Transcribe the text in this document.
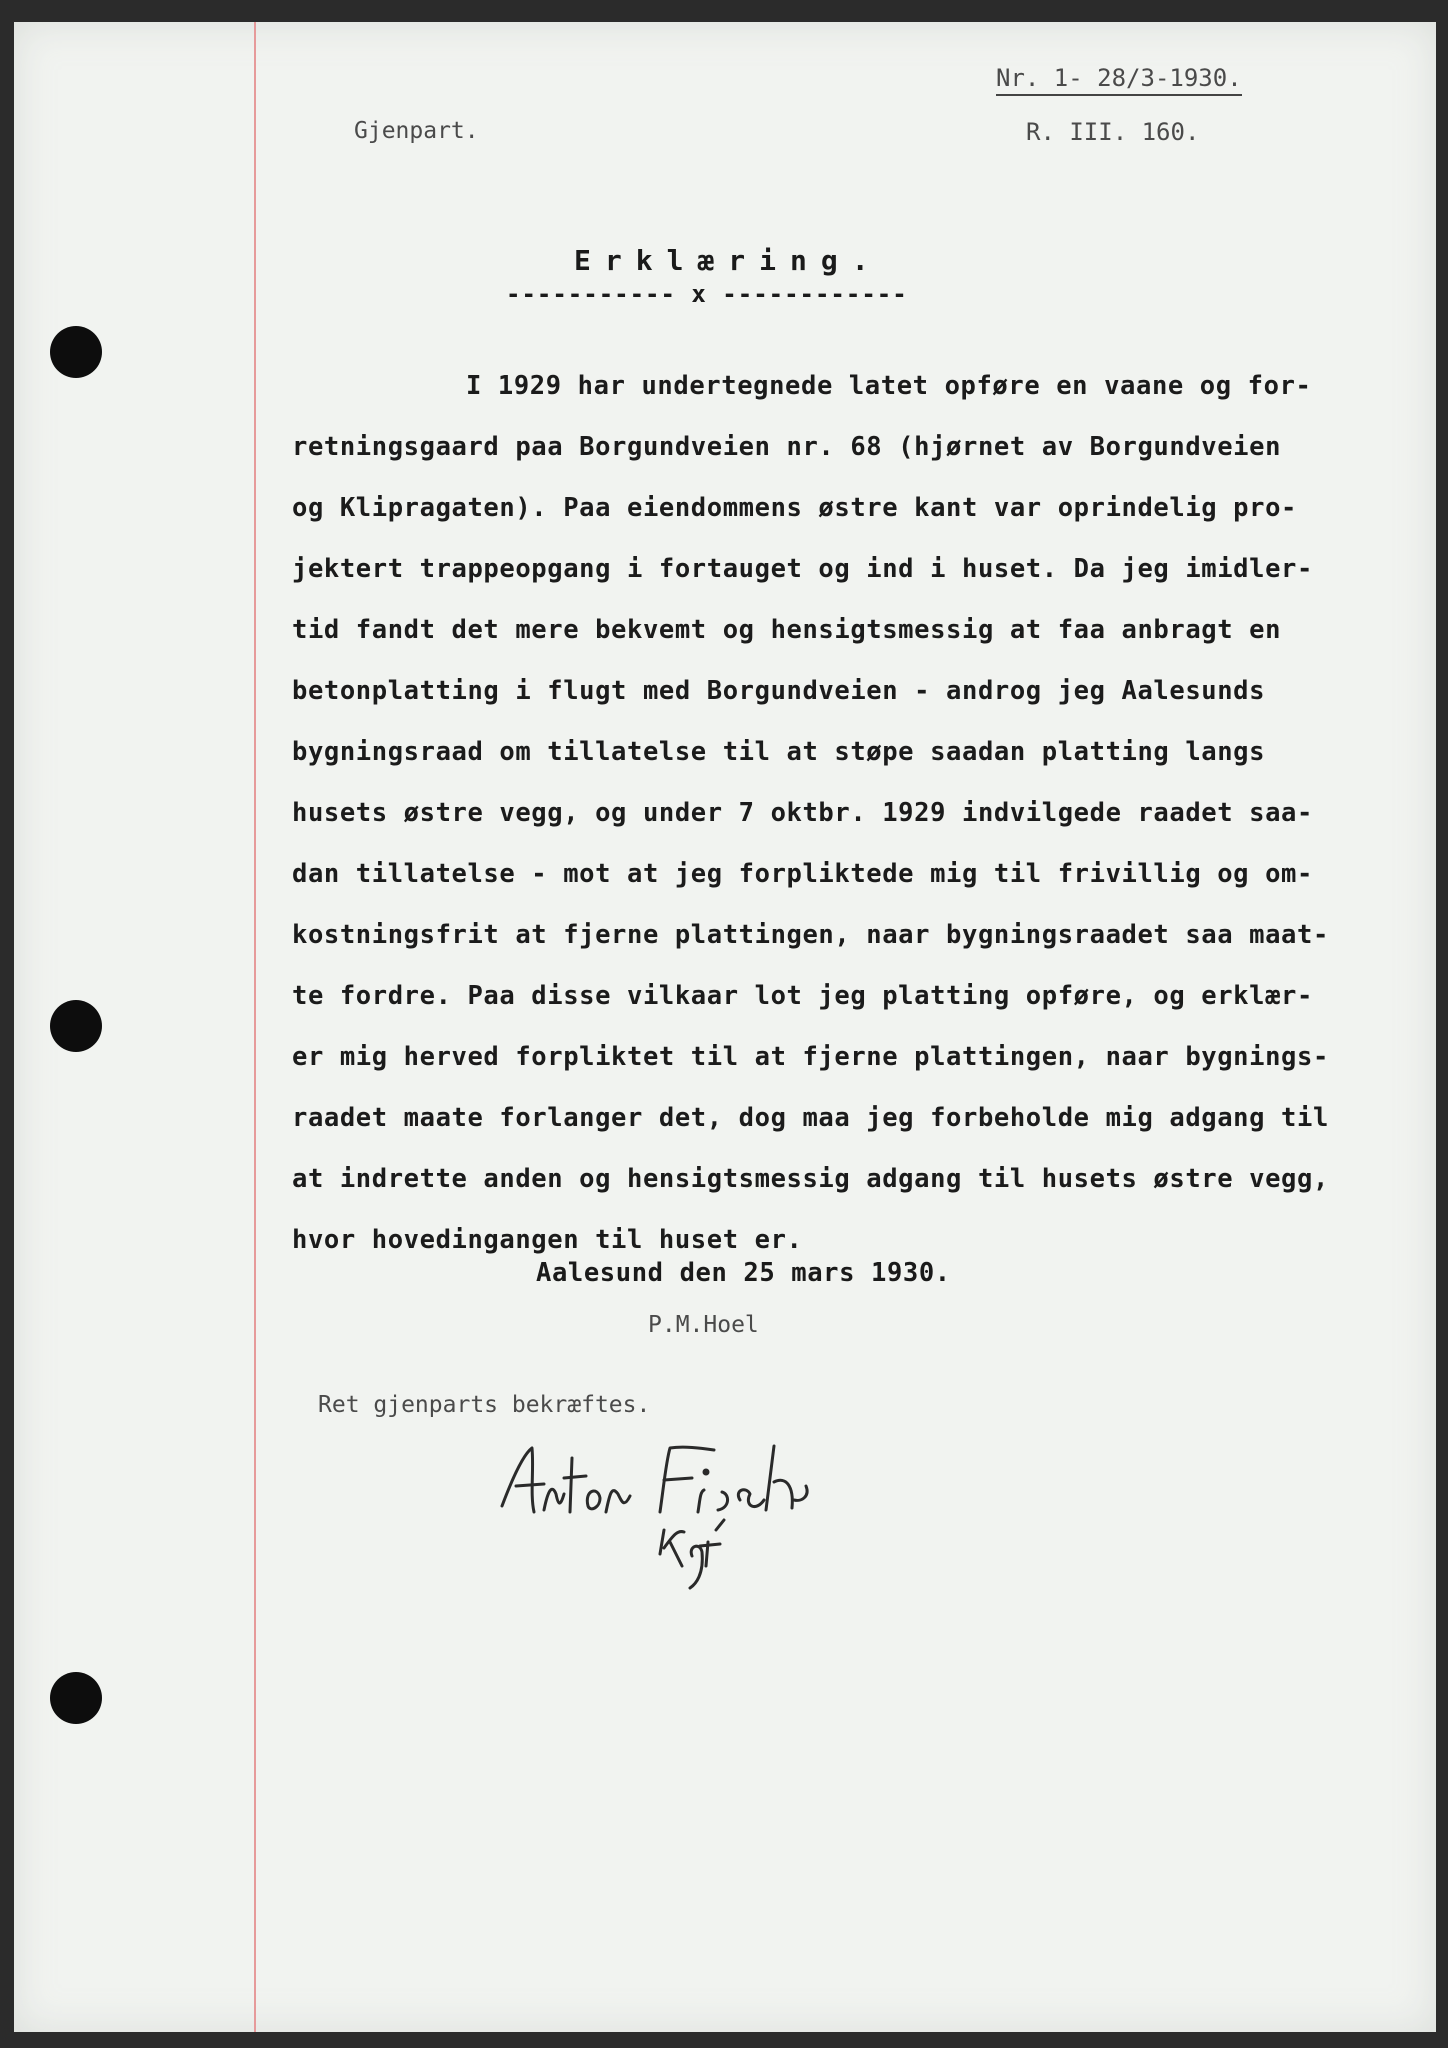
Nr. 1- 28/3-1930.
Gjenpart.	R. III. 160.
Erklæring.
----------- x ------------
I 1929 har undertegnede latet opføre en vaane og for-
retningsgaard paa Borgundveien nr. 68 (hjørnet av Borgundveien
og Klipragaten). Paa eiendommens østre kant var oprindelig pro-
jektert trappeopgang i fortauget og ind i huset. Da jeg imidler-
tid fandt det mere bekvemt og hensigtsmessig at faa anbragt en
betonplatting i flugt med Borgundveien - androg jeg Aalesunds
bygningsraad om tillatelse til at støpe saadan platting langs
husets østre vegg, og under 7 oktbr. 1929 indvilgede raadet saa-
dan tillatelse - mot at jeg forpliktede mig til frivillig og om-
kostningsfrit at fjerne plattingen, naar bygningsraadet saa maat-
te fordre. Paa disse vilkaar lot jeg platting opføre, og erklær-
er mig herved forpliktet til at fjerne plattingen, naar bygnings-
raadet maate forlanger det, dog maa jeg forbeholde mig adgang til
at indrette anden og hensigtsmessig adgang til husets østre vegg,
hvor hovedingangen til huset er.
Aalesund den 25 mars 1930.
P.M.Hoel
Ret gjenparts bekræftes.
